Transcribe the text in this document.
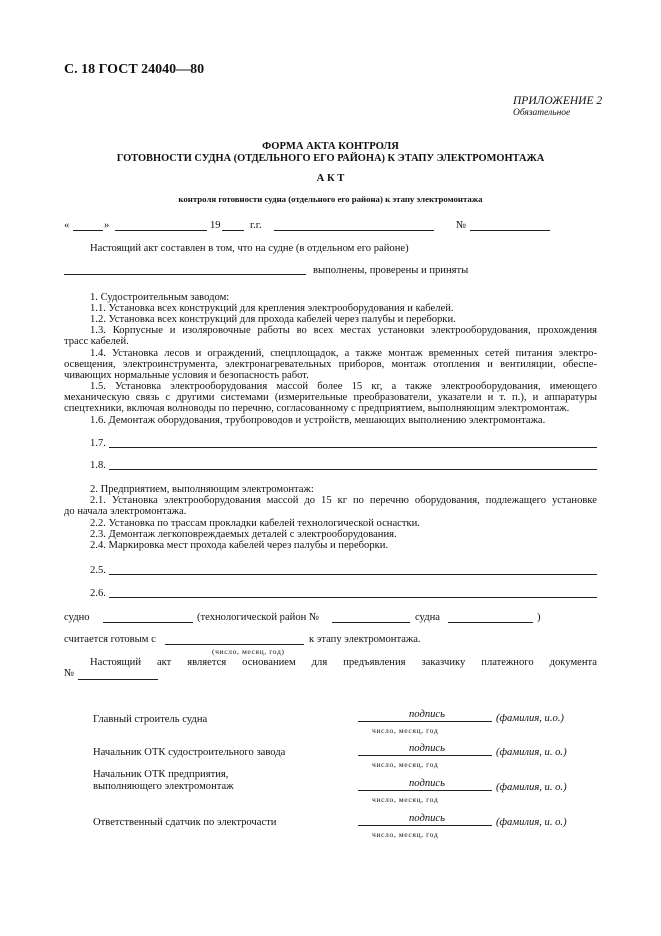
С. 18 ГОСТ 24040—80
ПРИЛОЖЕНИЕ 2
Обязательное
ФОРМА АКТА КОНТРОЛЯ
ГОТОВНОСТИ СУДНА (ОТДЕЛЬНОГО ЕГО РАЙОНА) К ЭТАПУ ЭЛЕКТРОМОНТАЖА
А К Т
контроля готовности судна (отдельного его района) к этапу электромонтажа
«	»	19	г.г.	№
Настоящий акт составлен в том, что на судне (в отдельном его районе)
выполнены, проверены и приняты
1. Судостроительным заводом:
1.1. Установка всех конструкций для крепления электрооборудования и кабелей.
1.2. Установка всех конструкций для прохода кабелей через палубы и переборки.
1.3. Корпусные и изоляровочные работы во всех местах установки электрооборудования, прохождения
трасс кабелей.
1.4. Установка лесов и ограждений, спецплощадок, а также монтаж временных сетей питания электро-
освещения, электроинструмента, электронагревательных приборов, монтаж отопления и вентиляции, обеспе-
чивающих нормальные условия и безопасность работ.
1.5. Установка электрооборудования массой более 15 кг, а также электрооборудования, имеющего
механическую связь с другими системами (измерительные преобразователи, указатели и т. п.), и аппаратуры
спецтехники, включая волноводы по перечню, согласованному с предприятием, выполняющим электромонтаж.
1.6. Демонтаж оборудования, трубопроводов и устройств, мешающих выполнению электромонтажа.
1.7.
1.8.
2. Предприятием, выполняющим электромонтаж:
2.1. Установка электрооборудования массой до 15 кг по перечню оборудования, подлежащего установке
до начала электромонтажа.
2.2. Установка по трассам прокладки кабелей технологической оснастки.
2.3. Демонтаж легкоповреждаемых деталей с электрооборудования.
2.4. Маркировка мест прохода кабелей через палубы и переборки.
2.5.
2.6.
судно	(технологической район №	судна	)
считается готовым с	к этапу электромонтажа.
(число, месяц, год)
Настоящий акт является основанием для предъявления заказчику платежного документа
№
Главный строитель судна	подпись	(фамилия, и.о.)
число, месяц, год
Начальник ОТК судостроительного завода	подпись	(фамилия, и. о.)
число, месяц, год
Начальник ОТК предприятия,
выполняющего электромонтаж	подпись	(фамилия, и. о.)
число, месяц, год
Ответственный сдатчик по электрочасти	подпись	(фамилия, и. о.)
число, месяц, год
